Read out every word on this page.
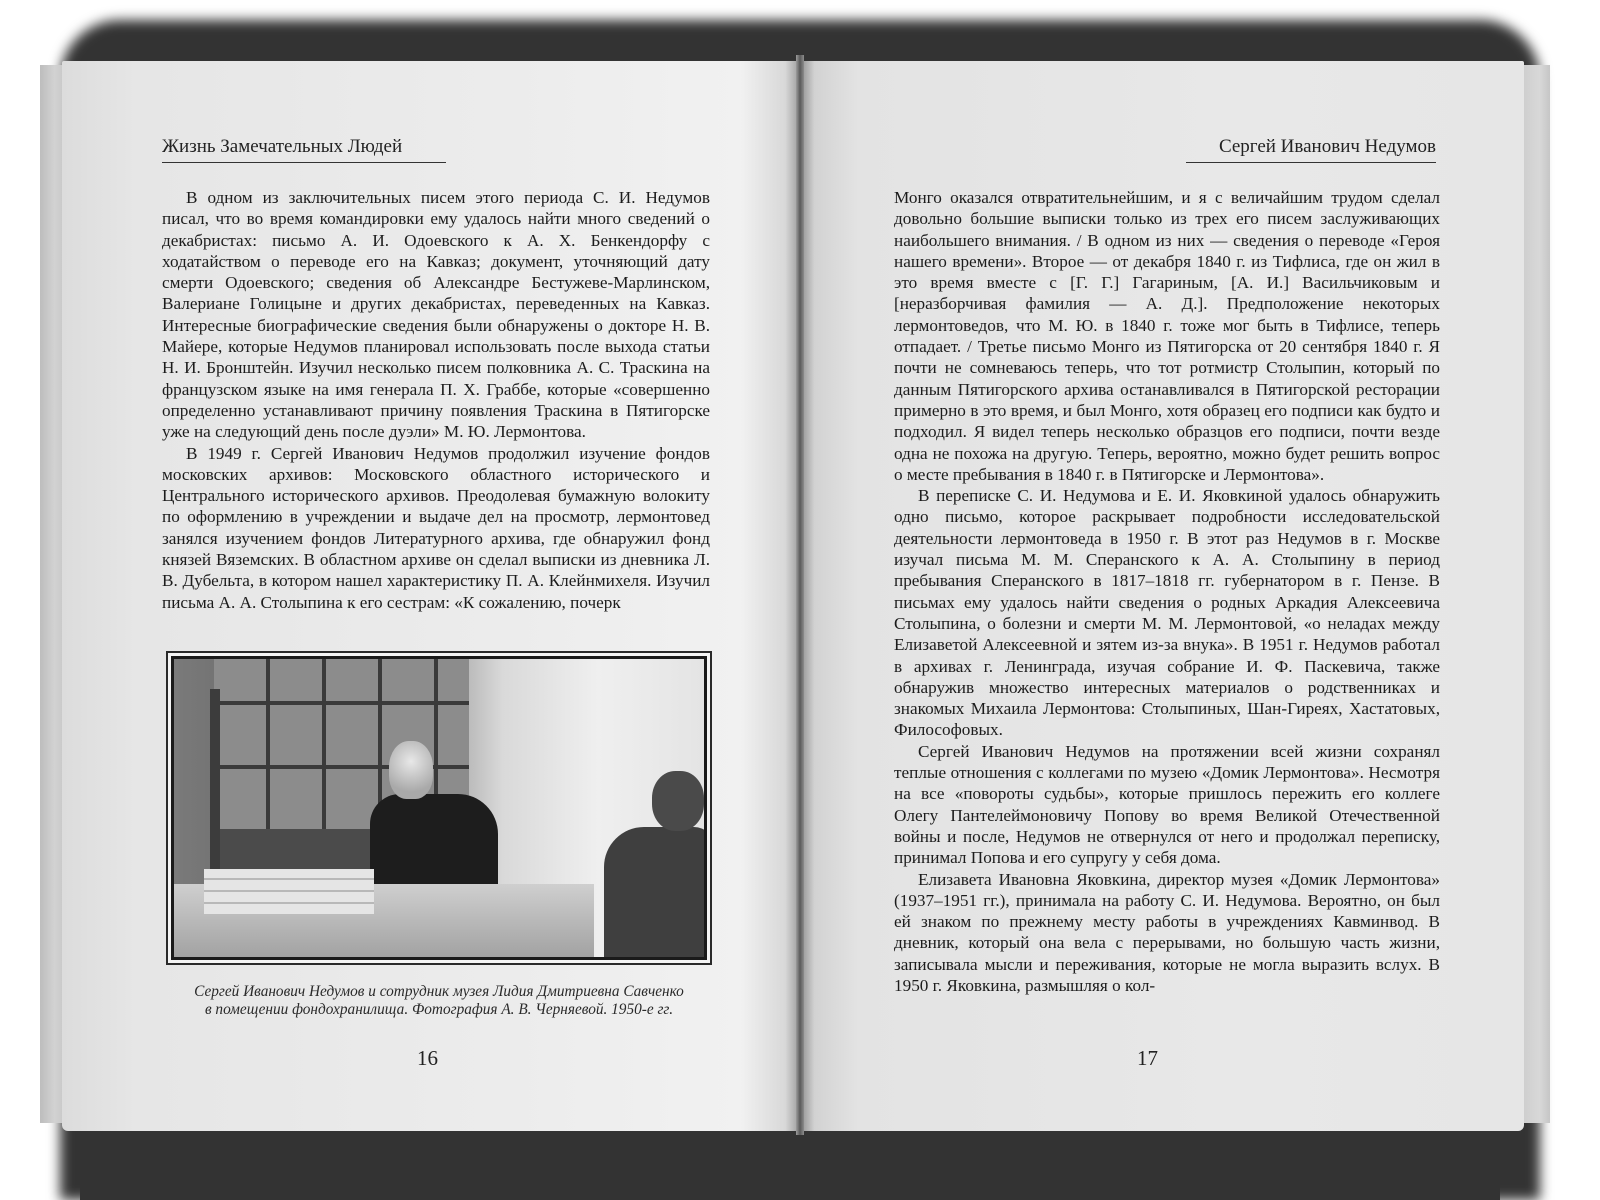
Жизнь Замечательных Людей

В одном из заключительных писем этого периода С. И. Недумов писал, что во время командировки ему удалось найти много сведений о декабристах: письмо А. И. Одоевского к А. Х. Бенкендорфу с ходатайством о переводе его на Кавказ; документ, уточняющий дату смерти Одоевского; сведения об Александре Бестужеве-Марлинском, Валериане Голицыне и других декабристах, переведенных на Кавказ. Интересные биографические сведения были обнаружены о докторе Н. В. Майере, которые Недумов планировал использовать после выхода статьи Н. И. Бронштейн. Изучил несколько писем полковника А. С. Траскина на французском языке на имя генерала П. Х. Граббе, которые «совершенно определенно устанавливают причину появления Траскина в Пятигорске уже на следующий день после дуэли» М. Ю. Лермонтова.

В 1949 г. Сергей Иванович Недумов продолжил изучение фондов московских архивов: Московского областного исторического и Центрального исторического архивов. Преодолевая бумажную волокиту по оформлению в учреждении и выдаче дел на просмотр, лермонтовед занялся изучением фондов Литературного архива, где обнаружил фонд князей Вяземских. В областном архиве он сделал выписки из дневника Л. В. Дубельта, в котором нашел характеристику П. А. Клейнмихеля. Изучил письма А. А. Столыпина к его сестрам: «К сожалению, почерк

Сергей Иванович Недумов и сотрудник музея Лидия Дмитриевна Савченко
в помещении фондохранилища. Фотография А. В. Черняевой. 1950-е гг.
16
Сергей Иванович Недумов

Монго оказался отвратительнейшим, и я с величайшим трудом сделал довольно большие выписки только из трех его писем заслуживающих наибольшего внимания. / В одном из них — сведения о переводе «Героя нашего времени». Второе — от декабря 1840 г. из Тифлиса, где он жил в это время вместе с [Г. Г.] Гагариным, [А. И.] Васильчиковым и [неразборчивая фамилия — А. Д.]. Предположение некоторых лермонтоведов, что М. Ю. в 1840 г. тоже мог быть в Тифлисе, теперь отпадает. / Третье письмо Монго из Пятигорска от 20 сентября 1840 г. Я почти не сомневаюсь теперь, что тот ротмистр Столыпин, который по данным Пятигорского архива останавливался в Пятигорской ресторации примерно в это время, и был Монго, хотя образец его подписи как будто и подходил. Я видел теперь несколько образцов его подписи, почти везде одна не похожа на другую. Теперь, вероятно, можно будет решить вопрос о месте пребывания в 1840 г. в Пятигорске и Лермонтова».

В переписке С. И. Недумова и Е. И. Яковкиной удалось обнаружить одно письмо, которое раскрывает подробности исследовательской деятельности лермонтоведа в 1950 г. В этот раз Недумов в г. Москве изучал письма М. М. Сперанского к А. А. Столыпину в период пребывания Сперанского в 1817–1818 гг. губернатором в г. Пензе. В письмах ему удалось найти сведения о родных Аркадия Алексеевича Столыпина, о болезни и смерти М. М. Лермонтовой, «о неладах между Елизаветой Алексеевной и зятем из-за внука». В 1951 г. Недумов работал в архивах г. Ленинграда, изучая собрание И. Ф. Паскевича, также обнаружив множество интересных материалов о родственниках и знакомых Михаила Лермонтова: Столыпиных, Шан-Гиреях, Хастатовых, Философовых.

Сергей Иванович Недумов на протяжении всей жизни сохранял теплые отношения с коллегами по музею «Домик Лермонтова». Несмотря на все «повороты судьбы», которые пришлось пережить его коллеге Олегу Пантелеймоновичу Попову во время Великой Отечественной войны и после, Недумов не отвернулся от него и продолжал переписку, принимал Попова и его супругу у себя дома.

Елизавета Ивановна Яковкина, директор музея «Домик Лермонтова» (1937–1951 гг.), принимала на работу С. И. Недумова. Вероятно, он был ей знаком по прежнему месту работы в учреждениях Кавминвод. В дневник, который она вела с перерывами, но большую часть жизни, записывала мысли и переживания, которые не могла выразить вслух. В 1950 г. Яковкина, размышляя о кол-

17
